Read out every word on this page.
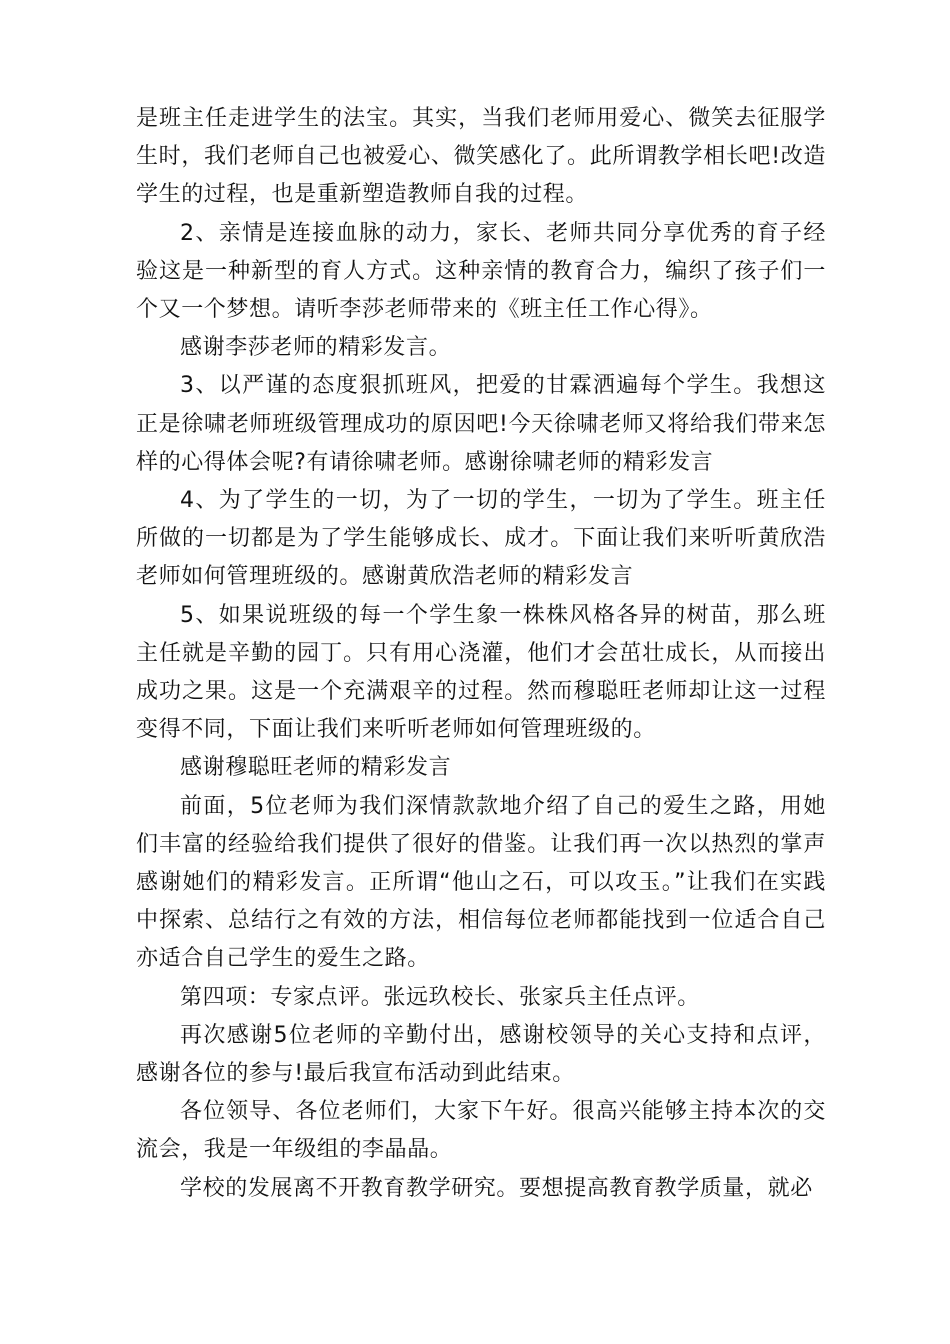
是班主任走进学生的法宝。其实，当我们老师用爱心、微笑去征服学生时，我们老师自己也被爱心、微笑感化了。此所谓教学相长吧!改造学生的过程，也是重新塑造教师自我的过程。

2、亲情是连接血脉的动力，家长、老师共同分享优秀的育子经验这是一种新型的育人方式。这种亲情的教育合力，编织了孩子们一个又一个梦想。请听李莎老师带来的《班主任工作心得》。

感谢李莎老师的精彩发言。

3、以严谨的态度狠抓班风，把爱的甘霖洒遍每个学生。我想这正是徐啸老师班级管理成功的原因吧!今天徐啸老师又将给我们带来怎样的心得体会呢?有请徐啸老师。感谢徐啸老师的精彩发言

4、为了学生的一切，为了一切的学生，一切为了学生。班主任所做的一切都是为了学生能够成长、成才。下面让我们来听听黄欣浩老师如何管理班级的。感谢黄欣浩老师的精彩发言

5、如果说班级的每一个学生象一株株风格各异的树苗，那么班主任就是辛勤的园丁。只有用心浇灌，他们才会茁壮成长，从而接出成功之果。这是一个充满艰辛的过程。然而穆聪旺老师却让这一过程变得不同，下面让我们来听听老师如何管理班级的。

感谢穆聪旺老师的精彩发言

前面，5位老师为我们深情款款地介绍了自己的爱生之路，用她们丰富的经验给我们提供了很好的借鉴。让我们再一次以热烈的掌声感谢她们的精彩发言。正所谓“他山之石，可以攻玉。”让我们在实践中探索、总结行之有效的方法，相信每位老师都能找到一位适合自己亦适合自己学生的爱生之路。

第四项：专家点评。张远玖校长、张家兵主任点评。

再次感谢5位老师的辛勤付出，感谢校领导的关心支持和点评，感谢各位的参与!最后我宣布活动到此结束。

各位领导、各位老师们，大家下午好。很高兴能够主持本次的交流会，我是一年级组的李晶晶。

学校的发展离不开教育教学研究。要想提高教育教学质量，就必
